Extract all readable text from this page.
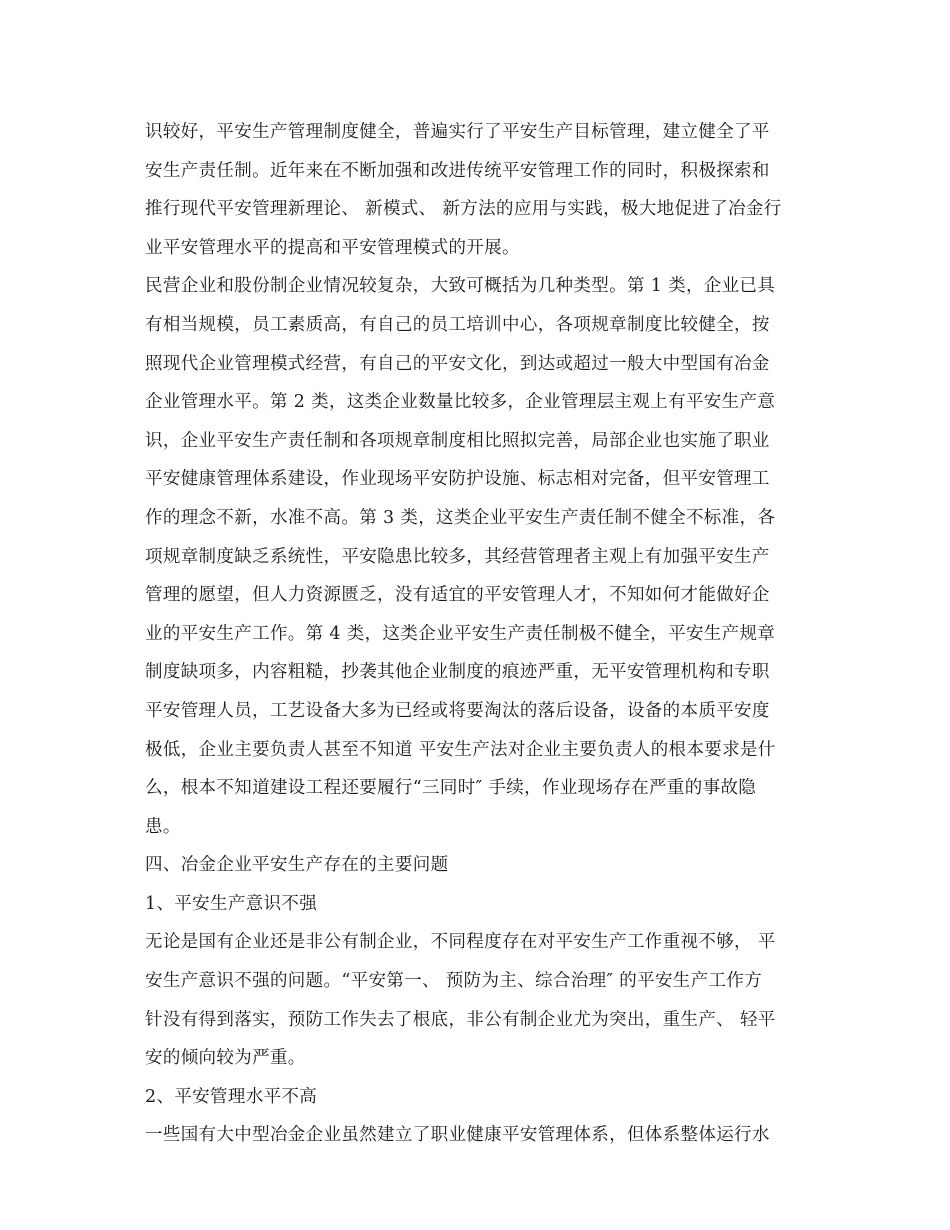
识较好，平安生产管理制度健全，普遍实行了平安生产目标管理，建立健全了平
安生产责任制。近年来在不断加强和改进传统平安管理工作的同时，积极探索和
推行现代平安管理新理论、 新模式、 新方法的应用与实践，极大地促进了冶金行
业平安管理水平的提高和平安管理模式的开展。
民营企业和股份制企业情况较复杂，大致可概括为几种类型。第 1 类，企业已具
有相当规模，员工素质高，有自己的员工培训中心，各项规章制度比较健全，按
照现代企业管理模式经营，有自己的平安文化，到达或超过一般大中型国有冶金
企业管理水平。第 2 类，这类企业数量比较多，企业管理层主观上有平安生产意
识，企业平安生产责任制和各项规章制度相比照拟完善，局部企业也实施了职业
平安健康管理体系建设，作业现场平安防护设施、标志相对完备，但平安管理工
作的理念不新，水准不高。第 3 类，这类企业平安生产责任制不健全不标准，各
项规章制度缺乏系统性，平安隐患比较多，其经营管理者主观上有加强平安生产
管理的愿望，但人力资源匮乏，没有适宜的平安管理人才，不知如何才能做好企
业的平安生产工作。第 4 类，这类企业平安生产责任制极不健全，平安生产规章
制度缺项多，内容粗糙，抄袭其他企业制度的痕迹严重，无平安管理机构和专职
平安管理人员，工艺设备大多为已经或将要淘汰的落后设备，设备的本质平安度
极低，企业主要负责人甚至不知道 平安生产法对企业主要负责人的根本要求是什
么，根本不知道建设工程还要履行“三同时″ 手续，作业现场存在严重的事故隐
患。
四、冶金企业平安生产存在的主要问题
1、平安生产意识不强
无论是国有企业还是非公有制企业，不同程度存在对平安生产工作重视不够， 平
安生产意识不强的问题。“平安第一、 预防为主、综合治理″ 的平安生产工作方
针没有得到落实，预防工作失去了根底，非公有制企业尤为突出，重生产、 轻平
安的倾向较为严重。
2、平安管理水平不高
一些国有大中型冶金企业虽然建立了职业健康平安管理体系，但体系整体运行水
